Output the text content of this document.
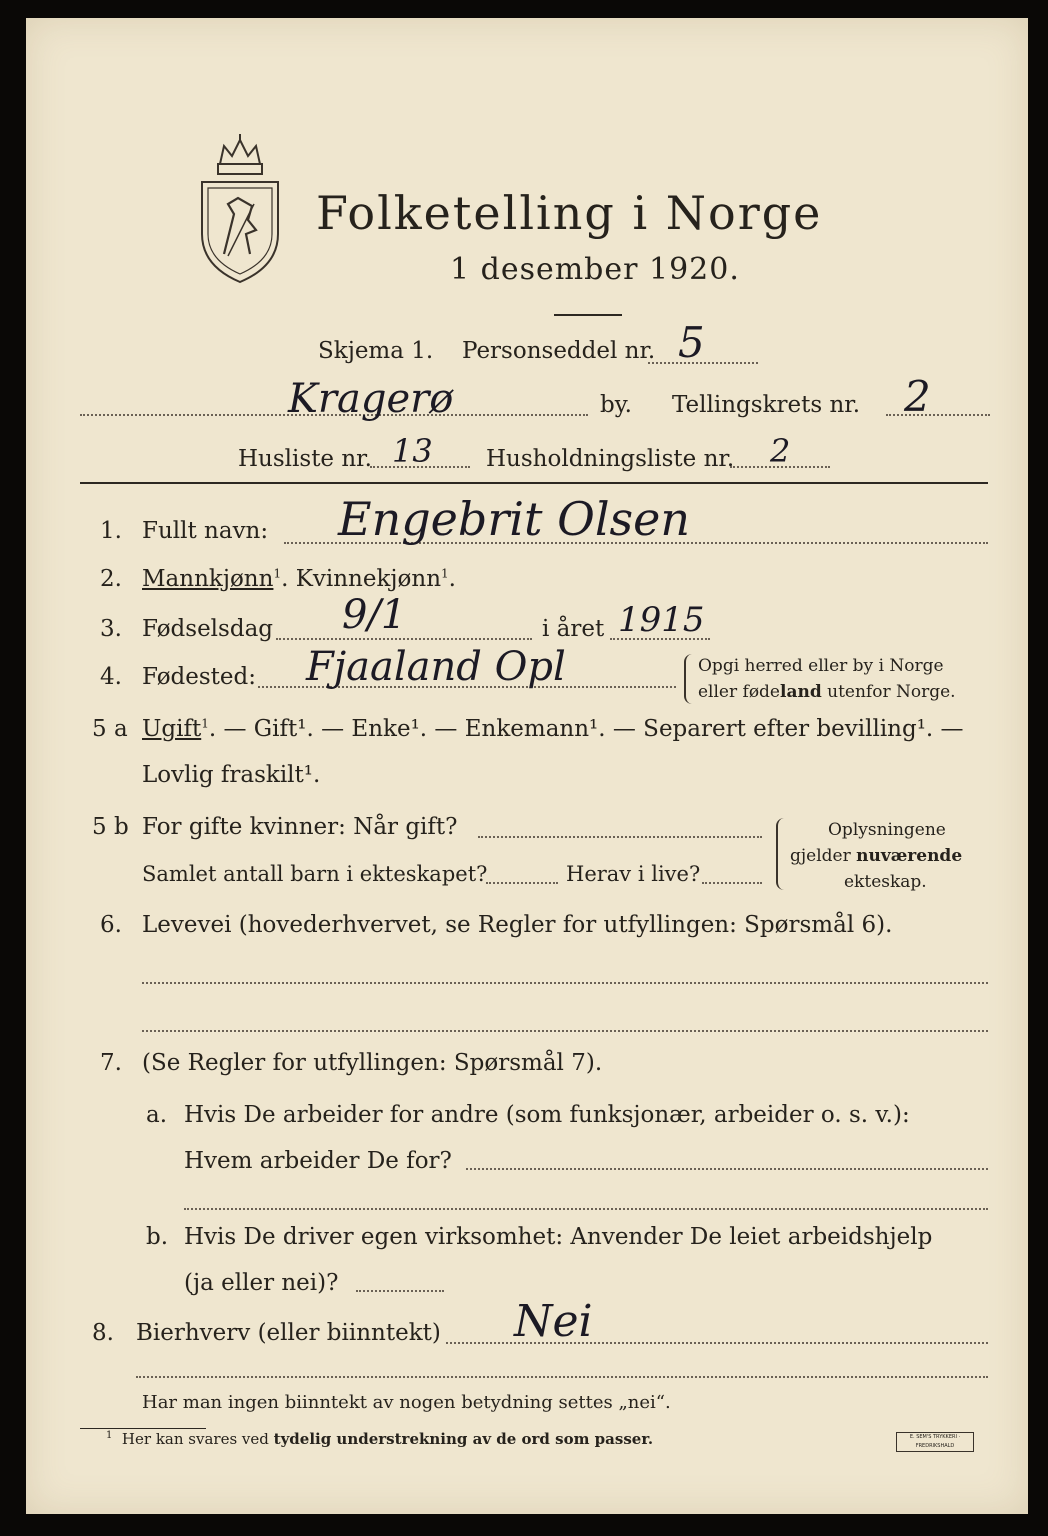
Folketelling i Norge
1 desember 1920.
Skjema 1. Personseddel nr. 5
Kragerø	by. Tellingskrets nr. 2
Husliste nr. 13 Husholdningsliste nr. 2
1. Fullt navn: Engebrit Olsen
2. Mannkjønn$^1$. Kvinnekjønn$^1$.
3. Fødselsdag 9/1	i året 1915
4. Fødested: Fjaaland Opl	Opgi herred eller by i Norge
eller fødeland utenfor Norge.
5 a Ugift$^1$. — Gift¹. — Enke¹. — Enkemann¹. — Separert efter bevilling¹. —
Lovlig fraskilt¹.
5 b For gifte kvinner: Når gift?
Samlet antall barn i ekteskapet?	Herav i live?
Oplysningene
gjelder nuværende
ekteskap.
6. Levevei (hovederhvervet, se Regler for utfyllingen: Spørsmål 6).
7. (Se Regler for utfyllingen: Spørsmål 7).
a. Hvis De arbeider for andre (som funksjonær, arbeider o. s. v.):
Hvem arbeider De for?
b. Hvis De driver egen virksomhet: Anvender De leiet arbeidshjelp
(ja eller nei)?
8. Bierhverv (eller biinntekt) Nei
Har man ingen biinntekt av nogen betydning settes „nei“.
$^1$ Her kan svares ved tydelig understrekning av de ord som passer.	E. SEM'S TRYKKERI · FREDRIKSHALD
